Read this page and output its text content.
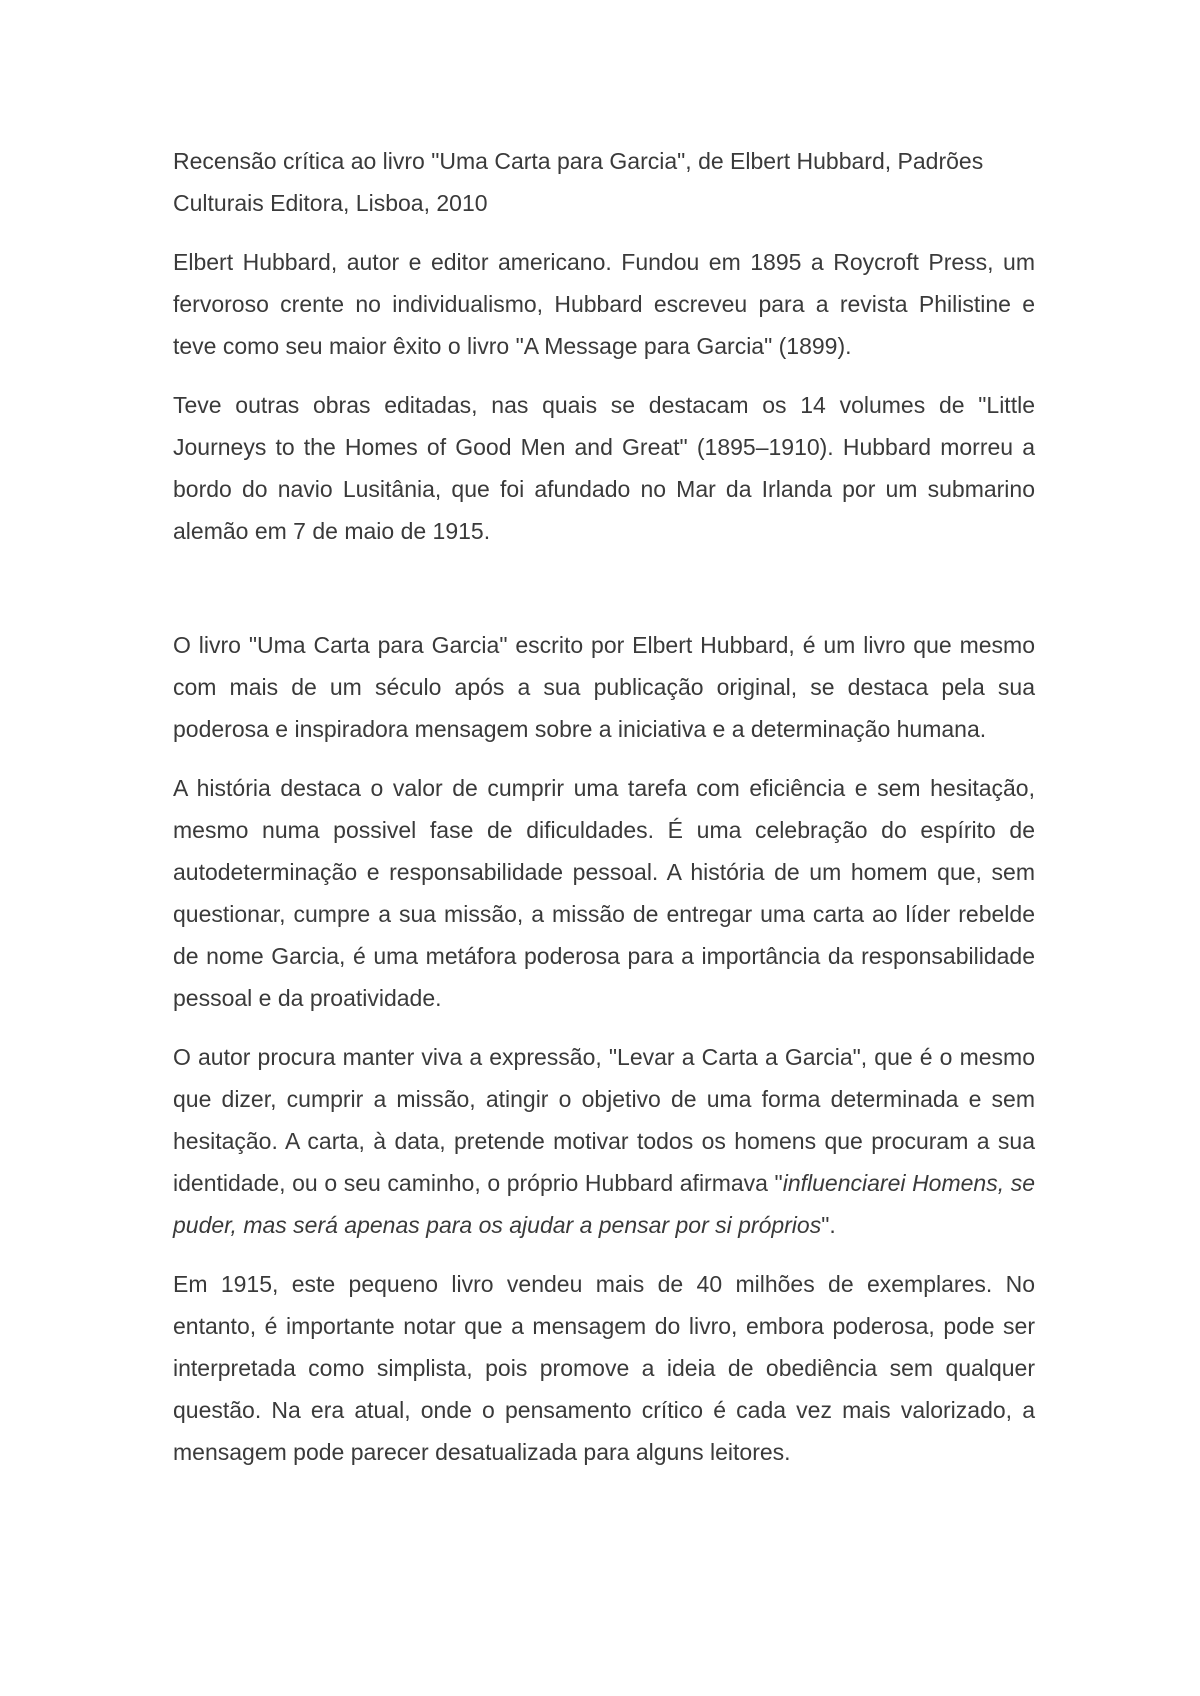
Recensão crítica ao livro "Uma Carta para Garcia", de Elbert Hubbard, Padrões Culturais Editora, Lisboa, 2010

Elbert Hubbard, autor e editor americano. Fundou em 1895 a Roycroft Press, um fervoroso crente no individualismo, Hubbard escreveu para a revista Philistine e teve como seu maior êxito o livro "A Message para Garcia" (1899).

Teve outras obras editadas, nas quais se destacam os 14 volumes de "Little Journeys to the Homes of Good Men and Great" (1895–1910). Hubbard morreu a bordo do navio Lusitânia, que foi afundado no Mar da Irlanda por um submarino alemão em 7 de maio de 1915.

O livro "Uma Carta para Garcia" escrito por Elbert Hubbard, é um livro que mesmo com mais de um século após a sua publicação original, se destaca pela sua poderosa e inspiradora mensagem sobre a iniciativa e a determinação humana.

A história destaca o valor de cumprir uma tarefa com eficiência e sem hesitação, mesmo numa possivel fase de dificuldades. É uma celebração do espírito de autodeterminação e responsabilidade pessoal. A história de um homem que, sem questionar, cumpre a sua missão, a missão de entregar uma carta ao líder rebelde de nome Garcia, é uma metáfora poderosa para a importância da responsabilidade pessoal e da proatividade.

O autor procura manter viva a expressão, "Levar a Carta a Garcia", que é o mesmo que dizer, cumprir a missão, atingir o objetivo de uma forma determinada e sem hesitação. A carta, à data, pretende motivar todos os homens que procuram a sua identidade, ou o seu caminho, o próprio Hubbard afirmava "influenciarei Homens, se puder, mas será apenas para os ajudar a pensar por si próprios".

Em 1915, este pequeno livro vendeu mais de 40 milhões de exemplares. No entanto, é importante notar que a mensagem do livro, embora poderosa, pode ser interpretada como simplista, pois promove a ideia de obediência sem qualquer questão. Na era atual, onde o pensamento crítico é cada vez mais valorizado, a mensagem pode parecer desatualizada para alguns leitores.
